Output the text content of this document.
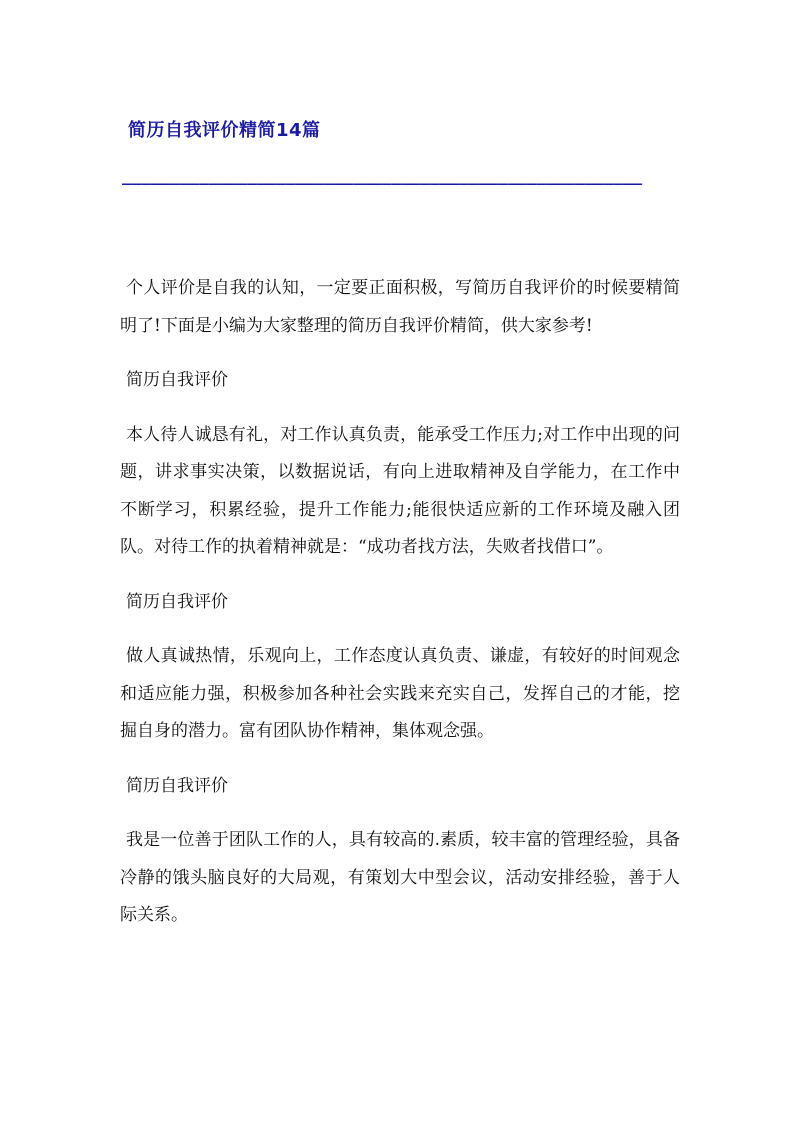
简历自我评价精简14篇
______________________________________________________

个人评价是自我的认知，一定要正面积极，写简历自我评价的时候要精简明了!下面是小编为大家整理的简历自我评价精简，供大家参考!

简历自我评价

本人待人诚恳有礼，对工作认真负责，能承受工作压力;对工作中出现的问题，讲求事实决策，以数据说话，有向上进取精神及自学能力，在工作中不断学习，积累经验，提升工作能力;能很快适应新的工作环境及融入团队。对待工作的执着精神就是：“成功者找方法，失败者找借口”。

简历自我评价

做人真诚热情，乐观向上，工作态度认真负责、谦虚，有较好的时间观念和适应能力强，积极参加各种社会实践来充实自己，发挥自己的才能，挖掘自身的潜力。富有团队协作精神，集体观念强。

简历自我评价

我是一位善于团队工作的人，具有较高的.素质，较丰富的管理经验，具备冷静的饿头脑良好的大局观，有策划大中型会议，活动安排经验，善于人际关系。
